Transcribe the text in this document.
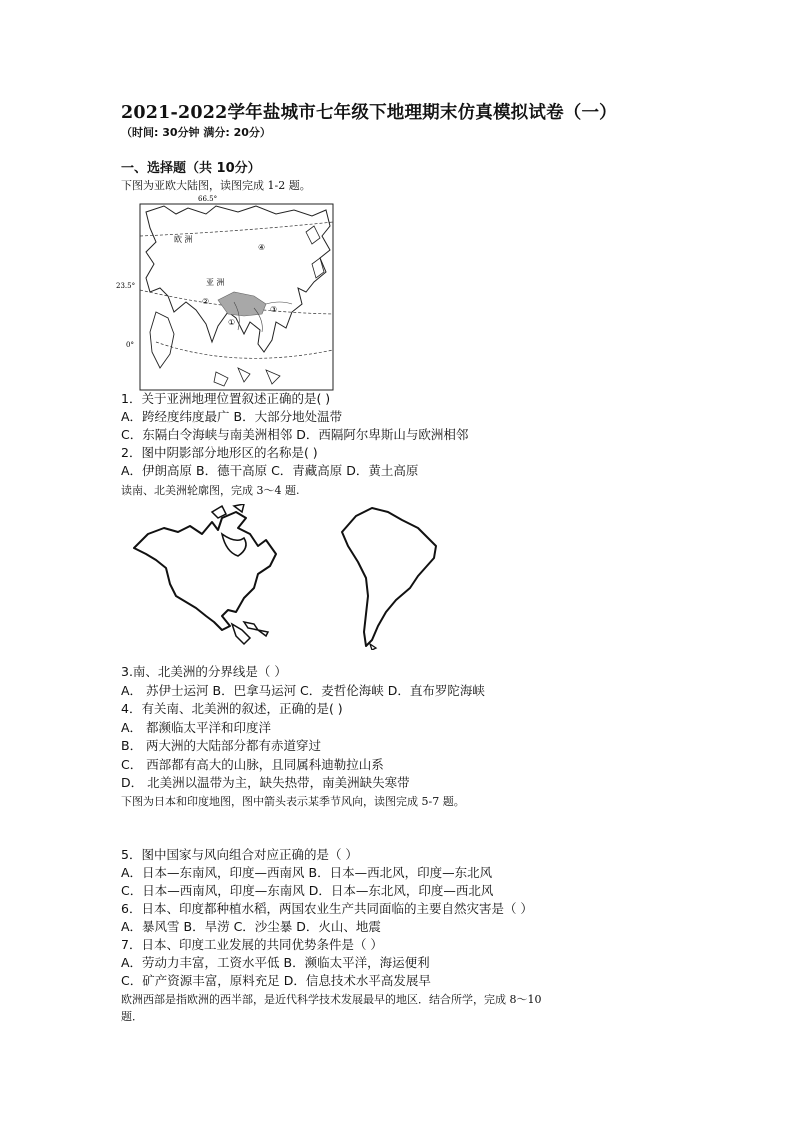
2021-2022学年盐城市七年级下地理期末仿真模拟试卷（一）
（时间: 30分钟 满分: 20分）
一、选择题（共 10分）
下图为亚欧大陆图，读图完成 1-2 题。
66.5°
23.5°
0°
欧 洲
亚 洲
④
②
①
③
1．关于亚洲地理位置叙述正确的是( )
A．跨经度纬度最广 B．大部分地处温带
C．东隔白令海峡与南美洲相邻 D．西隔阿尔卑斯山与欧洲相邻
2．图中阴影部分地形区的名称是( )
A．伊朗高原 B．德干高原 C．青藏高原 D．黄土高原
读南、北美洲轮廓图，完成 3～4 题.
3.南、北美洲的分界线是（ ）
A． 苏伊士运河 B．巴拿马运河 C．麦哲伦海峡 D．直布罗陀海峡
4．有关南、北美洲的叙述，正确的是( )
A． 都濒临太平洋和印度洋
B． 两大洲的大陆部分都有赤道穿过
C． 西部都有高大的山脉，且同属科迪勒拉山系
D． 北美洲以温带为主，缺失热带，南美洲缺失寒带
下图为日本和印度地图，图中箭头表示某季节风向，读图完成 5-7 题。
5．图中国家与风向组合对应正确的是（ ）
A．日本—东南风，印度—西南风 B．日本—西北风，印度—东北风
C．日本—西南风，印度—东南风 D．日本—东北风，印度—西北风
6．日本、印度都种植水稻，两国农业生产共同面临的主要自然灾害是（ ）
A．暴风雪 B．旱涝 C．沙尘暴 D．火山、地震
7．日本、印度工业发展的共同优势条件是（ ）
A．劳动力丰富，工资水平低 B．濒临太平洋，海运便利
C．矿产资源丰富，原料充足 D．信息技术水平高发展早
欧洲西部是指欧洲的西半部，是近代科学技术发展最早的地区．结合所学，完成 8～10
题．
